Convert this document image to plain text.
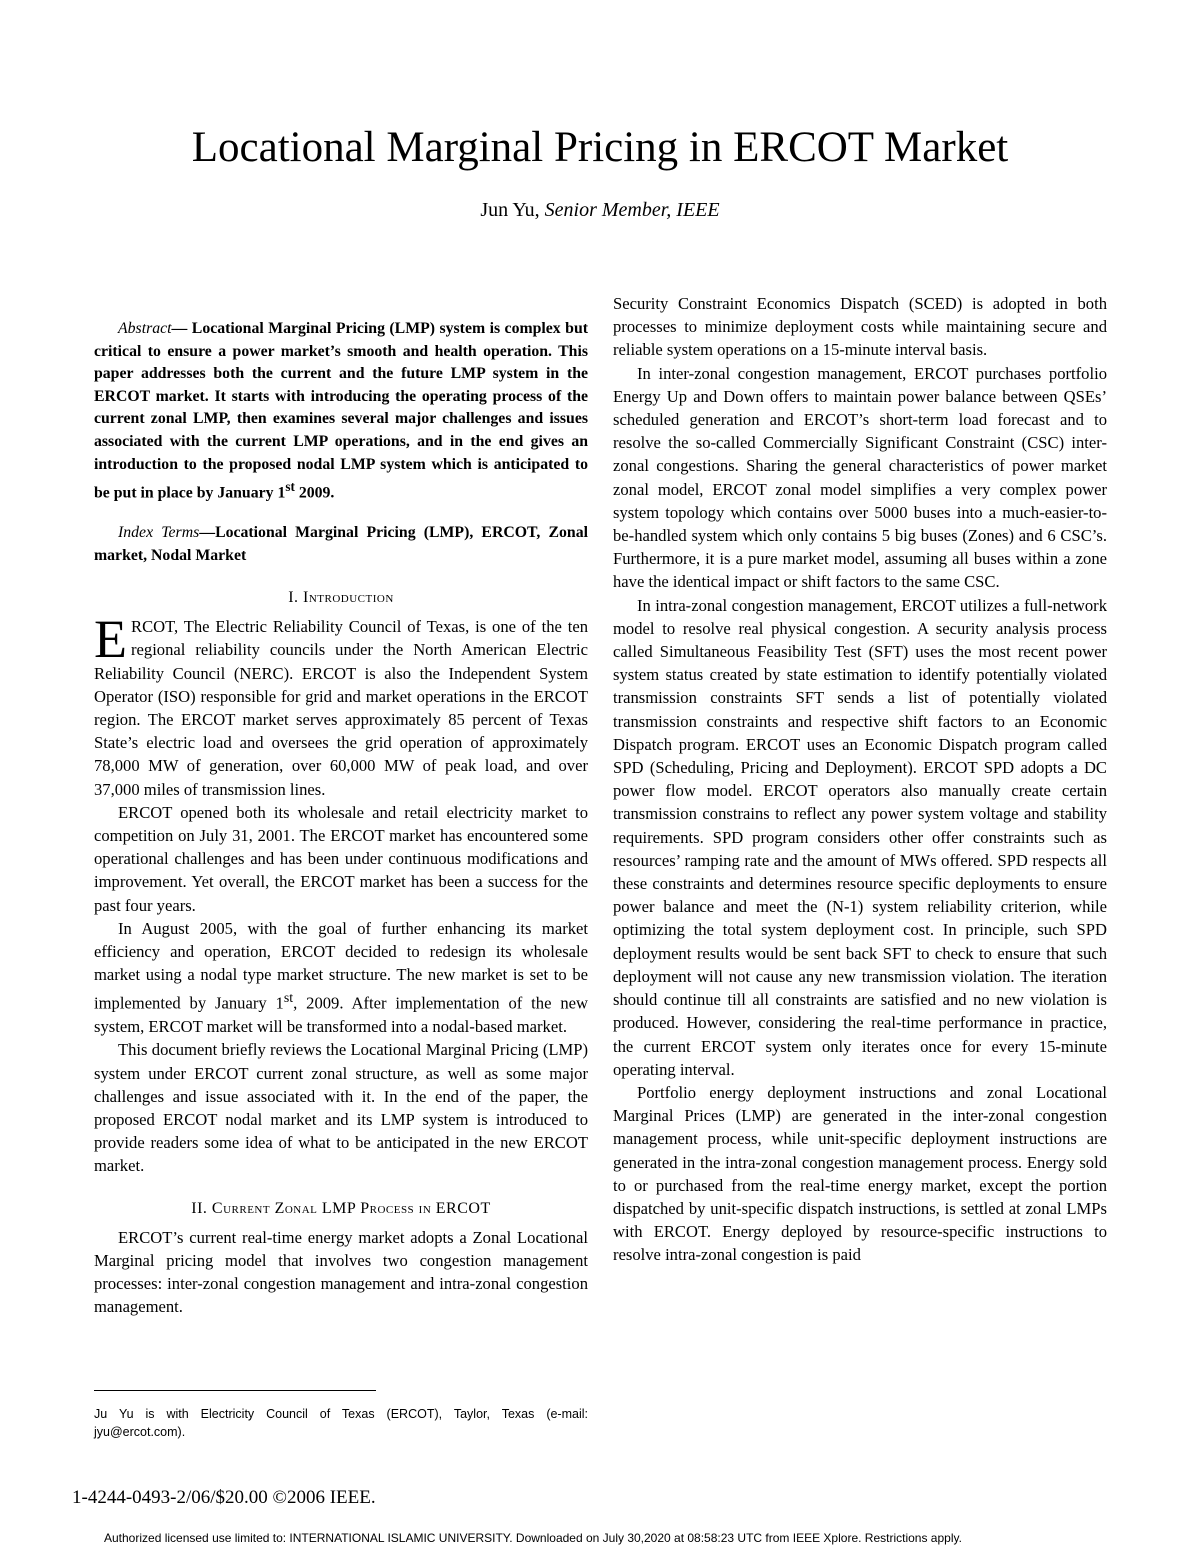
Locational Marginal Pricing in ERCOT Market
Jun Yu, Senior Member, IEEE

Abstract— Locational Marginal Pricing (LMP) system is complex but critical to ensure a power market’s smooth and health operation. This paper addresses both the current and the future LMP system in the ERCOT market. It starts with introducing the operating process of the current zonal LMP, then examines several major challenges and issues associated with the current LMP operations, and in the end gives an introduction to the proposed nodal LMP system which is anticipated to be put in place by January 1st 2009.

Index Terms—Locational Marginal Pricing (LMP), ERCOT, Zonal market, Nodal Market

I. Introduction

ERCOT, The Electric Reliability Council of Texas, is one of the ten regional reliability councils under the North American Electric Reliability Council (NERC). ERCOT is also the Independent System Operator (ISO) responsible for grid and market operations in the ERCOT region. The ERCOT market serves approximately 85 percent of Texas State’s electric load and oversees the grid operation of approximately 78,000 MW of generation, over 60,000 MW of peak load, and over 37,000 miles of transmission lines.

ERCOT opened both its wholesale and retail electricity market to competition on July 31, 2001. The ERCOT market has encountered some operational challenges and has been under continuous modifications and improvement. Yet overall, the ERCOT market has been a success for the past four years.

In August 2005, with the goal of further enhancing its market efficiency and operation, ERCOT decided to redesign its wholesale market using a nodal type market structure. The new market is set to be implemented by January 1st, 2009. After implementation of the new system, ERCOT market will be transformed into a nodal-based market.

This document briefly reviews the Locational Marginal Pricing (LMP) system under ERCOT current zonal structure, as well as some major challenges and issue associated with it. In the end of the paper, the proposed ERCOT nodal market and its LMP system is introduced to provide readers some idea of what to be anticipated in the new ERCOT market.

II. Current Zonal LMP Process in ERCOT

ERCOT’s current real-time energy market adopts a Zonal Locational Marginal pricing model that involves two congestion management processes: inter-zonal congestion management and intra-zonal congestion management.

Security Constraint Economics Dispatch (SCED) is adopted in both processes to minimize deployment costs while maintaining secure and reliable system operations on a 15-minute interval basis.

In inter-zonal congestion management, ERCOT purchases portfolio Energy Up and Down offers to maintain power balance between QSEs’ scheduled generation and ERCOT’s short-term load forecast and to resolve the so-called Commercially Significant Constraint (CSC) inter-zonal congestions. Sharing the general characteristics of power market zonal model, ERCOT zonal model simplifies a very complex power system topology which contains over 5000 buses into a much-easier-to-be-handled system which only contains 5 big buses (Zones) and 6 CSC’s. Furthermore, it is a pure market model, assuming all buses within a zone have the identical impact or shift factors to the same CSC.

In intra-zonal congestion management, ERCOT utilizes a full-network model to resolve real physical congestion. A security analysis process called Simultaneous Feasibility Test (SFT) uses the most recent power system status created by state estimation to identify potentially violated transmission constraints SFT sends a list of potentially violated transmission constraints and respective shift factors to an Economic Dispatch program. ERCOT uses an Economic Dispatch program called SPD (Scheduling, Pricing and Deployment). ERCOT SPD adopts a DC power flow model. ERCOT operators also manually create certain transmission constrains to reflect any power system voltage and stability requirements. SPD program considers other offer constraints such as resources’ ramping rate and the amount of MWs offered. SPD respects all these constraints and determines resource specific deployments to ensure power balance and meet the (N-1) system reliability criterion, while optimizing the total system deployment cost. In principle, such SPD deployment results would be sent back SFT to check to ensure that such deployment will not cause any new transmission violation. The iteration should continue till all constraints are satisfied and no new violation is produced. However, considering the real-time performance in practice, the current ERCOT system only iterates once for every 15-minute operating interval.

Portfolio energy deployment instructions and zonal Locational Marginal Prices (LMP) are generated in the inter-zonal congestion management process, while unit-specific deployment instructions are generated in the intra-zonal congestion management process. Energy sold to or purchased from the real-time energy market, except the portion dispatched by unit-specific dispatch instructions, is settled at zonal LMPs with ERCOT. Energy deployed by resource-specific instructions to resolve intra-zonal congestion is paid

Ju Yu is with Electricity Council of Texas (ERCOT), Taylor, Texas (e-mail: jyu@ercot.com).
1-4244-0493-2/06/$20.00 ©2006 IEEE.
Authorized licensed use limited to: INTERNATIONAL ISLAMIC UNIVERSITY. Downloaded on July 30,2020 at 08:58:23 UTC from IEEE Xplore. Restrictions apply.
